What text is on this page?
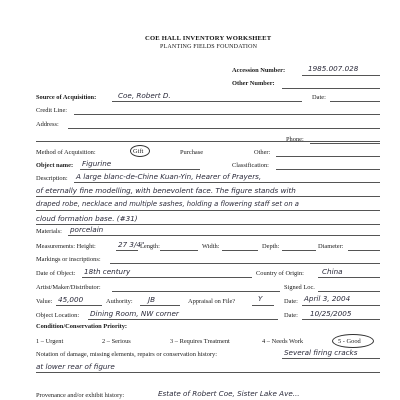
COE HALL INVENTORY WORKSHEET
PLANTING FIELDS FOUNDATION
Accession Number:	1985.007.028
Other Number:
Source of Acquisition:	Coe, Robert D.	Date:
Credit Line:
Address:
Phone:
Method of Acquisition:	Gift	Purchase	Other:
Object name: Figurine	Classification:
Description: A large blanc-de-Chine Kuan-Yin, Hearer of Prayers,
of eternally fine modelling, with benevolent face. The figure stands with
draped robe, necklace and multiple sashes, holding a flowering staff set on a
cloud formation base. (#31)
Materials: porcelain
Measurements: Height:	27 3/4"
Length:	Width:	Depth:	Diameter:
Markings or inscriptions:
Date of Object: 18th century	Country of Origin:	China
Artist/Maker/Distributor:	Signed Loc.
Value: 45,000	Authority: JB	Appraisal on File?	Y	Date: April 3, 2004
Object Location: Dining Room, NW corner	Date: 10/25/2005
Condition/Conservation Priority:
1 – Urgent	2 – Serious	3 – Requires Treatment	4 – Needs Work	5 - Good
Notation of damage, missing elements, repairs or conservation history:	Several firing cracks
at lower rear of figure
Provenance and/or exhibit history:	Estate of Robert Coe, Sister Lake Ave...
